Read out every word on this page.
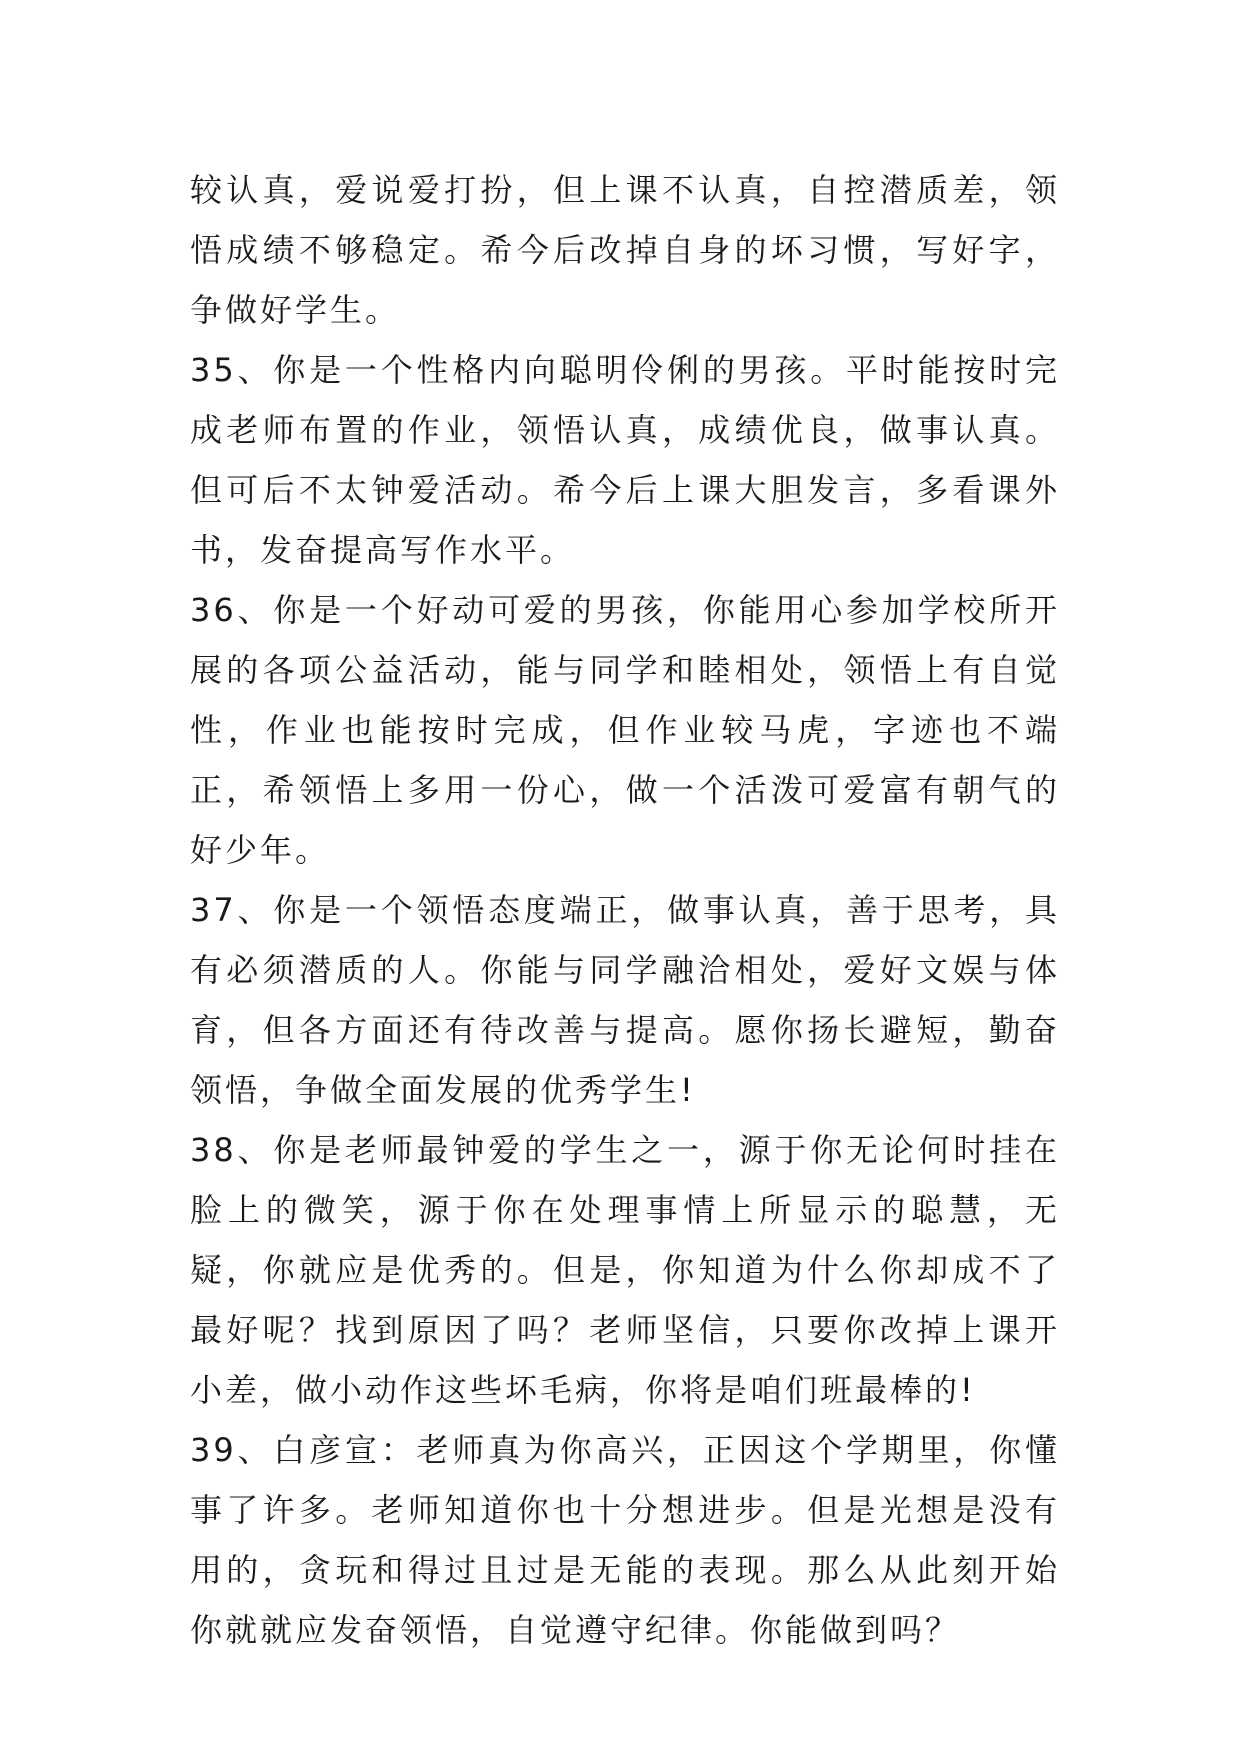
较认真，爱说爱打扮，但上课不认真，自控潜质差，领悟成绩不够稳定。希今后改掉自身的坏习惯，写好字，争做好学生。

35、你是一个性格内向聪明伶俐的男孩。平时能按时完成老师布置的作业，领悟认真，成绩优良，做事认真。但可后不太钟爱活动。希今后上课大胆发言，多看课外书，发奋提高写作水平。

36、你是一个好动可爱的男孩，你能用心参加学校所开展的各项公益活动，能与同学和睦相处，领悟上有自觉性，作业也能按时完成，但作业较马虎，字迹也不端正，希领悟上多用一份心，做一个活泼可爱富有朝气的好少年。

37、你是一个领悟态度端正，做事认真，善于思考，具有必须潜质的人。你能与同学融洽相处，爱好文娱与体育，但各方面还有待改善与提高。愿你扬长避短，勤奋领悟，争做全面发展的优秀学生!

38、你是老师最钟爱的学生之一，源于你无论何时挂在脸上的微笑，源于你在处理事情上所显示的聪慧，无疑，你就应是优秀的。但是，你知道为什么你却成不了最好呢？找到原因了吗？老师坚信，只要你改掉上课开小差，做小动作这些坏毛病，你将是咱们班最棒的!

39、白彦宣：老师真为你高兴，正因这个学期里，你懂事了许多。老师知道你也十分想进步。但是光想是没有用的，贪玩和得过且过是无能的表现。那么从此刻开始你就就应发奋领悟，自觉遵守纪律。你能做到吗？
